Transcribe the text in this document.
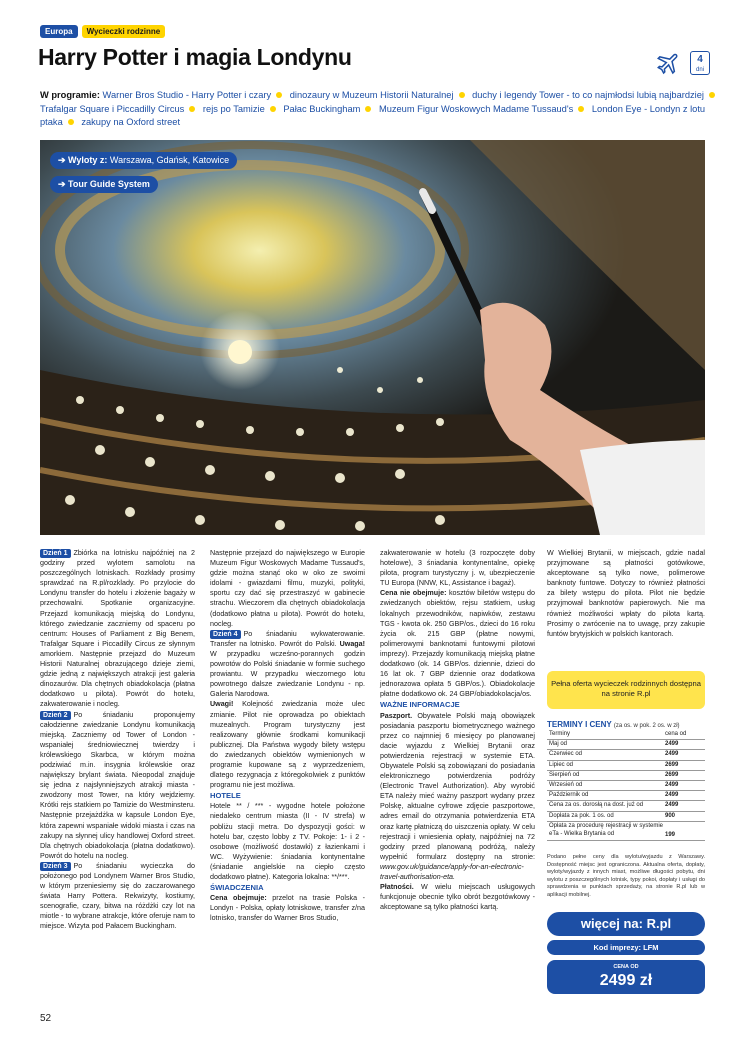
Europa	Wycieczki rodzinne
Harry Potter i magia Londynu	4
dni
W programie: Warner Bros Studio - Harry Potter i czary dinozaury w Muzeum Historii Naturalnej duchy i legendy Tower - to co najmłodsi lubią najbardziej Trafalgar Square i Piccadilly Circus rejs po Tamizie Pałac Buckingham Muzeum Figur Woskowych Madame Tussaud's London Eye - Londyn z lotu ptaka zakupy na Oxford street
➔ Wyloty z: Warszawa, Gdańsk, Katowice
➔ Tour Guide System

Dzień 1 Zbiórka na lotnisku najpóźniej na 2 godziny przed wylotem samolotu na poszczególnych lotniskach. Rozkłady prosimy sprawdzać na R.pl/rozklady. Po przylocie do Londynu transfer do hotelu i złożenie bagaży w przechowalni. Spotkanie organizacyjne. Przejazd komunikacją miejską do Londynu, którego zwiedzanie zaczniemy od spaceru po centrum: Houses of Parliament z Big Benem, Trafalgar Square i Piccadilly Circus ze słynnym amorkiem. Następnie przejazd do Muzeum Historii Naturalnej obrazującego dzieje ziemi, gdzie jedną z największych atrakcji jest galeria dinozaurów. Dla chętnych obiadokolacja (płatna dodatkowo u pilota). Powrót do hotelu, zakwaterowanie i nocleg.

Dzień 2 Po śniadaniu proponujemy całodzienne zwiedzanie Londynu komunikacją miejską. Zaczniemy od Tower of London - wspaniałej średniowiecznej twierdzy i królewskiego Skarbca, w którym można podziwiać m.in. insygnia królewskie oraz największy brylant świata. Nieopodal znajduje się jedna z najsłynniejszych atrakcji miasta - zwodzony most Tower, na który wejdziemy. Krótki rejs statkiem po Tamizie do Westminsteru. Następnie przejażdżka w kapsule London Eye, która zapewni wspaniałe widoki miasta i czas na zakupy na słynnej ulicy handlowej Oxford street. Dla chętnych obiadokolacja (płatna dodatkowo). Powrót do hotelu na nocleg.

Dzień 3 Po śniadaniu wycieczka do położonego pod Londynem Warner Bros Studio, w którym przeniesiemy się do zaczarowanego świata Harry Pottera. Rekwizyty, kostiumy, scenografie, czary, bitwa na różdżki czy lot na miotle - to wybrane atrakcje, które oferuje nam to miejsce. Wizyta pod Pałacem Buckingham.

Następnie przejazd do największego w Europie Muzeum Figur Woskowych Madame Tussaud's, gdzie można stanąć oko w oko ze swoimi idolami - gwiazdami filmu, muzyki, polityki, sportu czy dać się przestraszyć w gabinecie strachu. Wieczorem dla chętnych obiadokolacja (dodatkowo płatna u pilota). Powrót do hotelu, nocleg.

Dzień 4 Po śniadaniu wykwaterowanie. Transfer na lotnisko. Powrót do Polski. Uwaga! W przypadku wcześno-porannych godzin powrotów do Polski śniadanie w formie suchego prowiantu. W przypadku wieczornego lotu powrotnego dalsze zwiedzanie Londynu - np. Galeria Narodowa.

Uwagi! Kolejność zwiedzania może ulec zmianie. Pilot nie oprowadza po obiektach muzealnych. Program turystyczny jest realizowany głównie środkami komunikacji publicznej. Dla Państwa wygody bilety wstępu do zwiedzanych obiektów wymienionych w programie kupowane są z wyprzedzeniem, dlatego rezygnacja z któregokolwiek z punktów programu nie jest możliwa.

HOTELE

Hotele ** / *** - wygodne hotele położone niedaleko centrum miasta (II - IV strefa) w pobliżu stacji metra. Do dyspozycji gości: w hotelu bar, często lobby z TV. Pokoje: 1- i 2 - osobowe (możliwość dostawki) z łazienkami i WC. Wyżywienie: śniadania kontynentalne (śniadanie angielskie na ciepło często dodatkowo płatne). Kategoria lokalna: **/***.

ŚWIADCZENIA

Cena obejmuje: przelot na trasie Polska - Londyn - Polska, opłaty lotniskowe, transfer z/na lotnisko, transfer do Warner Bros Studio,

zakwaterowanie w hotelu (3 rozpoczęte doby hotelowe), 3 śniadania kontynentalne, opiekę pilota, program turystyczny j. w, ubezpieczenie TU Europa (NNW, KL, Assistance i bagaż).

Cena nie obejmuje: kosztów biletów wstępu do zwiedzanych obiektów, rejsu statkiem, usług lokalnych przewodników, napiwków, zestawu TGS - kwota ok. 250 GBP/os., dzieci do 16 roku życia ok. 215 GBP (płatne nowymi, polimerowymi banknotami funtowymi pilotowi imprezy). Przejazdy komunikacją miejską płatne dodatkowo (ok. 14 GBP/os. dziennie, dzieci do 16 lat ok. 7 GBP dziennie oraz dodatkowa jednorazowa opłata 5 GBP/os.). Obiadokolacje płatne dodatkowo ok. 24 GBP/obiadokolacja/os.

WAŻNE INFORMACJE

Paszport. Obywatele Polski mają obowiązek posiadania paszportu biometrycznego ważnego przez co najmniej 6 miesięcy po planowanej dacie wyjazdu z Wielkiej Brytanii oraz potwierdzenia rejestracji w systemie ETA. Obywatele Polski są zobowiązani do posiadania elektronicznego potwierdzenia podróży (Electronic Travel Authorization). Aby wyrobić ETA należy mieć ważny paszport wydany przez Polskę, aktualne cyfrowe zdjęcie paszportowe, adres email do otrzymania potwierdzenia ETA oraz kartę płatniczą do uiszczenia opłaty. W celu rejestracji i wniesienia opłaty, najpóźniej na 72 godziny przed planowaną podróżą, należy wypełnić formularz dostępny na stronie: www.gov.uk/guidance/apply-for-an-electronic-travel-authorisation-eta.

Płatności. W wielu miejscach usługowych funkcjonuje obecnie tylko obrót bezgotówkowy - akceptowane są tylko płatności kartą.

W Wielkiej Brytanii, w miejscach, gdzie nadal przyjmowane są płatności gotówkowe, akceptowane są tylko nowe, polimerowe banknoty funtowe. Dotyczy to również płatności za bilety wstępu do pilota. Pilot nie będzie przyjmował banknotów papierowych. Nie ma również możliwości wpłaty do pilota kartą. Prosimy o zwrócenie na to uwagę, przy zakupie funtów brytyjskich w polskich kantorach.

Pełna oferta wycieczek rodzinnych dostępna na stronie R.pl
TERMINY I CENY (za os. w pok. 2 os. w zł)
Terminy	cena od
Maj od	2499
Czerwiec od	2499
Lipiec od	2699
Sierpień od	2699
Wrzesień od	2499
Październik od	2499
Cena za os. dorosłą na dost. już od	2499
Dopłata za pok. 1 os. od	900
Opłata za procedurę rejestracji w systemie eTa - Wielka Brytania od	199
Podano pełne ceny dla wylotu/wyjazdu z Warszawy. Dostępność miejsc jest ograniczona. Aktualna oferta, dopłaty, wyloty/wyjazdy z innych miast, możliwe długości pobytu, dni wylotu z poszczególnych lotnisk, typy pokoi, dopłaty i usługi do sprawdzenia w punktach sprzedaży, na stronie R.pl lub w aplikacji mobilnej.
więcej na: R.pl
Kod imprezy: LFM
CENA OD
2499 zł
52
